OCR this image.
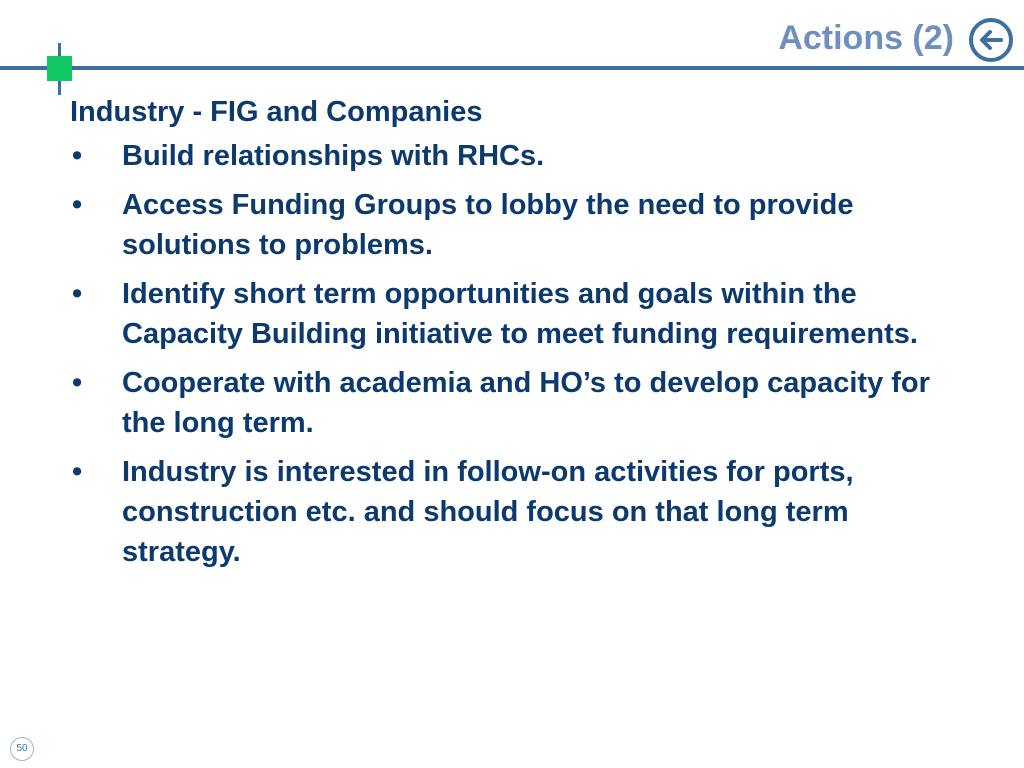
Actions (2)
Industry - FIG and Companies
• Build relationships with RHCs.
• Access Funding Groups to lobby the need to provide solutions to problems.
• Identify short term opportunities and goals within the Capacity Building initiative to meet funding requirements.
• Cooperate with academia and HO’s to develop capacity for the long term.
• Industry is interested in follow-on activities for ports, construction etc. and should focus on that long term strategy.
50
